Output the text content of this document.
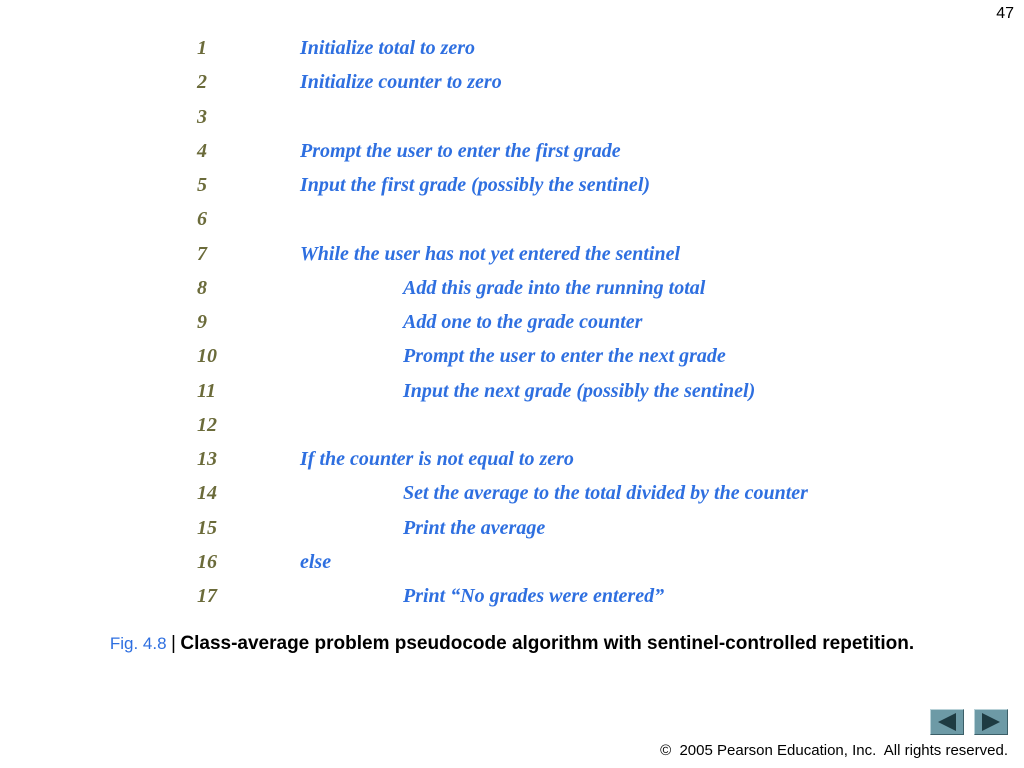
47
1	Initialize total to zero
2	Initialize counter to zero
3
4	Prompt the user to enter the first grade
5	Input the first grade (possibly the sentinel)
6
7	While the user has not yet entered the sentinel
8	Add this grade into the running total
9	Add one to the grade counter
10	Prompt the user to enter the next grade
11	Input the next grade (possibly the sentinel)
12
13	If the counter is not equal to zero
14	Set the average to the total divided by the counter
15	Print the average
16	else
17	Print “No grades were entered”
Fig. 4.8 | Class-average problem pseudocode algorithm with sentinel-controlled repetition.
©  2005 Pearson Education, Inc.  All rights reserved.
